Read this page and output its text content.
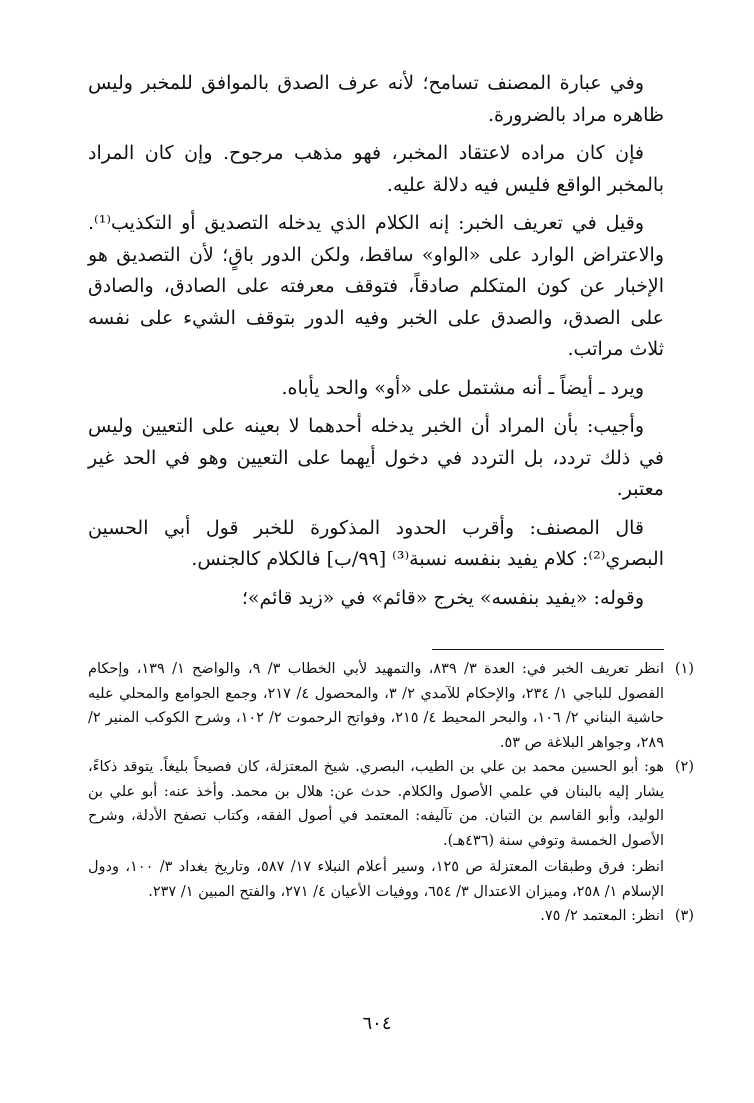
وفي عبارة المصنف تسامح؛ لأنه عرف الصدق بالموافق للمخبر وليس ظاهره مراد بالضرورة.

فإن كان مراده لاعتقاد المخبر، فهو مذهب مرجوح. وإن كان المراد بالمخبر الواقع فليس فيه دلالة عليه.

وقيل في تعريف الخبر: إنه الكلام الذي يدخله التصديق أو التكذيب⁽¹⁾. والاعتراض الوارد على «الواو» ساقط، ولكن الدور باقٍ؛ لأن التصديق هو الإخبار عن كون المتكلم صادقاً، فتوقف معرفته على الصادق، والصادق على الصدق، والصدق على الخبر وفيه الدور بتوقف الشيء على نفسه ثلاث مراتب.

ويرد ـ أيضاً ـ أنه مشتمل على «أو» والحد يأباه.

وأجيب: بأن المراد أن الخبر يدخله أحدهما لا بعينه على التعيين وليس في ذلك تردد، بل التردد في دخول أيهما على التعيين وهو في الحد غير معتبر.

قال المصنف: وأقرب الحدود المذكورة للخبر قول أبي الحسين البصري⁽²⁾: كلام يفيد بنفسه نسبة⁽³⁾ [٩٩/ب] فالكلام كالجنس.

وقوله: «يفيد بنفسه» يخرج «قائم» في «زيد قائم»؛

(١)

انظر تعريف الخبر في: العدة ٣/ ٨٣٩، والتمهيد لأبي الخطاب ٣/ ٩، والواضح ١/ ١٣٩، وإحكام الفصول للباجي ١/ ٢٣٤، والإحكام للآمدي ٢/ ٣، والمحصول ٤/ ٢١٧، وجمع الجوامع والمحلي عليه حاشية البناني ٢/ ١٠٦، والبحر المحيط ٤/ ٢١٥، وفواتح الرحموت ٢/ ١٠٢، وشرح الكوكب المنير ٢/ ٢٨٩، وجواهر البلاغة ص ٥٣.

(٢)

هو: أبو الحسين محمد بن علي بن الطيب، البصري. شيخ المعتزلة، كان فصيحاً بليغاً. يتوقد ذكاءً، يشار إليه بالبنان في علمي الأصول والكلام. حدث عن: هلال بن محمد. وأخذ عنه: أبو علي بن الوليد، وأبو القاسم بن التبان. من تآليفه: المعتمد في أصول الفقه، وكتاب تصفح الأدلة، وشرح الأصول الخمسة وتوفي سنة (٤٣٦هـ).

انظر: فرق وطبقات المعتزلة ص ١٢٥، وسير أعلام النبلاء ١٧/ ٥٨٧، وتاريخ بغداد ٣/ ١٠٠، ودول الإسلام ١/ ٢٥٨، وميزان الاعتدال ٣/ ٦٥٤، ووفيات الأعيان ٤/ ٢٧١، والفتح المبين ١/ ٢٣٧.

(٣)

انظر: المعتمد ٢/ ٧٥.

٦٠٤
